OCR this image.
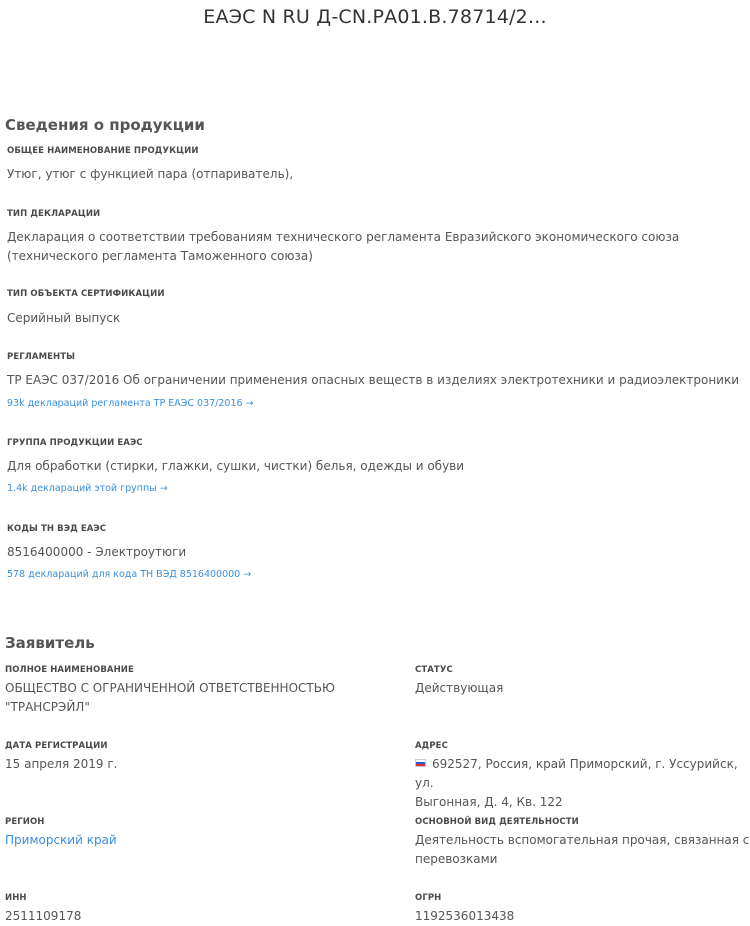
ЕАЭС N RU Д-CN.РА01.В.78714/2...
Сведения о продукции
ОБЩЕЕ НАИМЕНОВАНИЕ ПРОДУКЦИИ
Утюг, утюг с функцией пара (отпариватель),
ТИП ДЕКЛАРАЦИИ
Декларация о соответствии требованиям технического регламента Евразийского экономического союза (технического регламента Таможенного союза)
ТИП ОБЪЕКТА СЕРТИФИКАЦИИ
Серийный выпуск
РЕГЛАМЕНТЫ
ТР ЕАЭС 037/2016 Об ограничении применения опасных веществ в изделиях электротехники и радиоэлектроники
93k деклараций регламента ТР ЕАЭС 037/2016 →
ГРУППА ПРОДУКЦИИ ЕАЭС
Для обработки (стирки, глажки, сушки, чистки) белья, одежды и обуви
1.4k деклараций этой группы →
КОДЫ ТН ВЭД ЕАЭС
8516400000 - Электроутюги
578 деклараций для кода ТН ВЭД 8516400000 →
Заявитель
ПОЛНОЕ НАИМЕНОВАНИЕ
ОБЩЕСТВО С ОГРАНИЧЕННОЙ ОТВЕТСТВЕННОСТЬЮ
"ТРАНСРЭЙЛ"
СТАТУС
Действующая
ДАТА РЕГИСТРАЦИИ
15 апреля 2019 г.
АДРЕС
692527, Россия, край Приморский, г. Уссурийск, ул.
Выгонная, Д. 4, Кв. 122
РЕГИОН
Приморский край
ОСНОВНОЙ ВИД ДЕЯТЕЛЬНОСТИ
Деятельность вспомогательная прочая, связанная с
перевозками
ИНН
2511109178
ОГРН
1192536013438
